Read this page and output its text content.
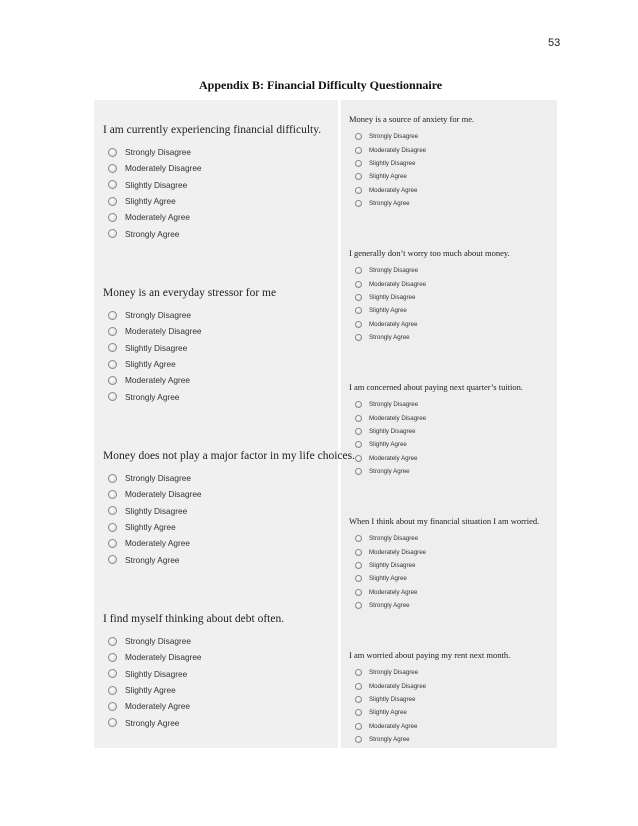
53
Appendix B: Financial Difficulty Questionnaire
I am currently experiencing financial difficulty.
Strongly Disagree
Moderately Disagree
Slightly Disagree
Slightly Agree
Moderately Agree
Strongly Agree
Money is an everyday stressor for me
Strongly Disagree
Moderately Disagree
Slightly Disagree
Slightly Agree
Moderately Agree
Strongly Agree
Money does not play a major factor in my life choices.
Strongly Disagree
Moderately Disagree
Slightly Disagree
Slightly Agree
Moderately Agree
Strongly Agree
I find myself thinking about debt often.
Strongly Disagree
Moderately Disagree
Slightly Disagree
Slightly Agree
Moderately Agree
Strongly Agree
Money is a source of anxiety for me.
Strongly Disagree
Moderately Disagree
Slightly Disagree
Slightly Agree
Moderately Agree
Strongly Agree
I generally don’t worry too much about money.
Strongly Disagree
Moderately Disagree
Slightly Disagree
Slightly Agree
Moderately Agree
Strongly Agree
I am concerned about paying next quarter’s tuition.
Strongly Disagree
Moderately Disagree
Slightly Disagree
Slightly Agree
Moderately Agree
Strongly Agree
When I think about my financial situation I am worried.
Strongly Disagree
Moderately Disagree
Slightly Disagree
Slightly Agree
Moderately Agree
Strongly Agree
I am worried about paying my rent next month.
Strongly Disagree
Moderately Disagree
Slightly Disagree
Slightly Agree
Moderately Agree
Strongly Agree
